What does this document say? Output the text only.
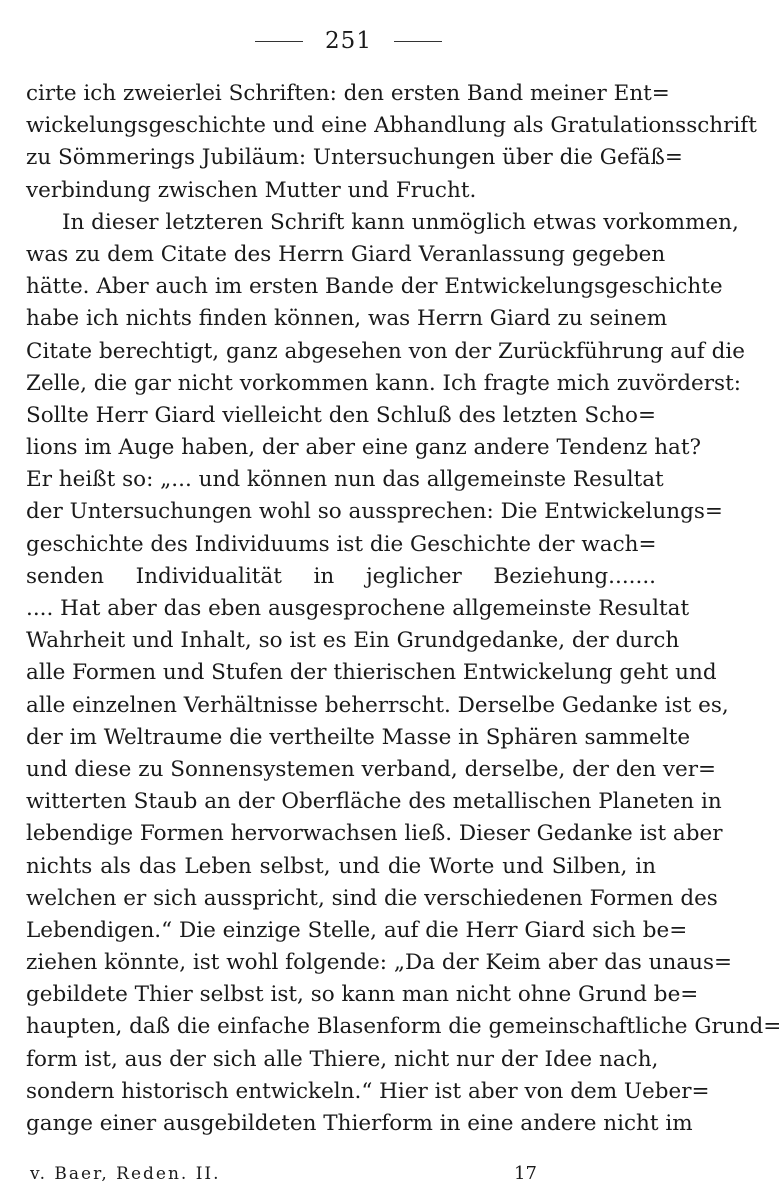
251
cirte ich zweierlei Schriften: den ersten Band meiner Ent=
wickelungsgeschichte und eine Abhandlung als Gratulationsschrift
zu Sömmerings Jubiläum: Untersuchungen über die Gefäß=
verbindung zwischen Mutter und Frucht.
In dieser letzteren Schrift kann unmöglich etwas vorkommen,
was zu dem Citate des Herrn Giard Veranlassung gegeben
hätte. Aber auch im ersten Bande der Entwickelungsgeschichte
habe ich nichts finden können, was Herrn Giard zu seinem
Citate berechtigt, ganz abgesehen von der Zurückführung auf die
Zelle, die gar nicht vorkommen kann. Ich fragte mich zuvörderst:
Sollte Herr Giard vielleicht den Schluß des letzten Scho=
lions im Auge haben, der aber eine ganz andere Tendenz hat?
Er heißt so: „... und können nun das allgemeinste Resultat
der Untersuchungen wohl so aussprechen: Die Entwickelungs=
geschichte des Individuums ist die Geschichte der wach=
senden Individualität in jeglicher Beziehung.......
.... Hat aber das eben ausgesprochene allgemeinste Resultat
Wahrheit und Inhalt, so ist es Ein Grundgedanke, der durch
alle Formen und Stufen der thierischen Entwickelung geht und
alle einzelnen Verhältnisse beherrscht. Derselbe Gedanke ist es,
der im Weltraume die vertheilte Masse in Sphären sammelte
und diese zu Sonnensystemen verband, derselbe, der den ver=
witterten Staub an der Oberfläche des metallischen Planeten in
lebendige Formen hervorwachsen ließ. Dieser Gedanke ist aber
nichts als das Leben selbst, und die Worte und Silben, in
welchen er sich ausspricht, sind die verschiedenen Formen des
Lebendigen.“ Die einzige Stelle, auf die Herr Giard sich be=
ziehen könnte, ist wohl folgende: „Da der Keim aber das unaus=
gebildete Thier selbst ist, so kann man nicht ohne Grund be=
haupten, daß die einfache Blasenform die gemeinschaftliche Grund=
form ist, aus der sich alle Thiere, nicht nur der Idee nach,
sondern historisch entwickeln.“ Hier ist aber von dem Ueber=
gange einer ausgebildeten Thierform in eine andere nicht im
v. Baer, Reden. II.	17
